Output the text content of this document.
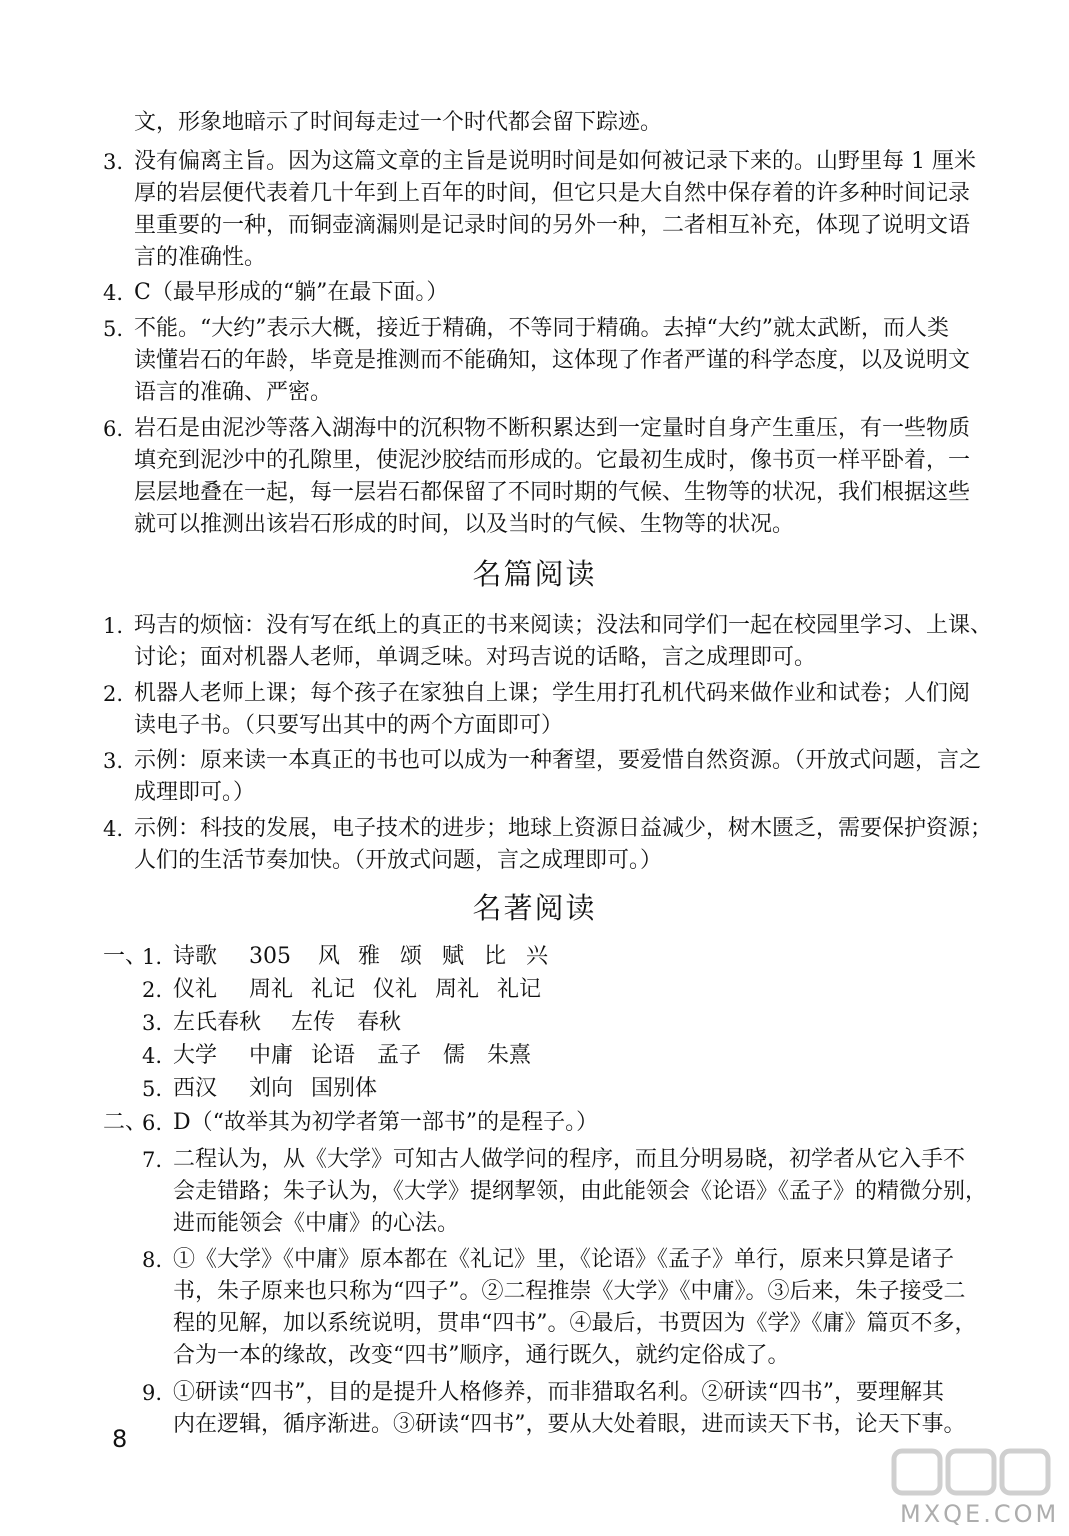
文，形象地暗示了时间每走过一个时代都会留下踪迹。
3. 没有偏离主旨。因为这篇文章的主旨是说明时间是如何被记录下来的。山野里每 1 厘米
厚的岩层便代表着几十年到上百年的时间，但它只是大自然中保存着的许多种时间记录
里重要的一种，而铜壶滴漏则是记录时间的另外一种，二者相互补充，体现了说明文语
言的准确性。
4. C（最早形成的“躺”在最下面。）
5. 不能。“大约”表示大概，接近于精确，不等同于精确。去掉“大约”就太武断，而人类
读懂岩石的年龄，毕竟是推测而不能确知，这体现了作者严谨的科学态度，以及说明文
语言的准确、严密。
6. 岩石是由泥沙等落入湖海中的沉积物不断积累达到一定量时自身产生重压，有一些物质
填充到泥沙中的孔隙里，使泥沙胶结而形成的。它最初生成时，像书页一样平卧着，一
层层地叠在一起，每一层岩石都保留了不同时期的气候、生物等的状况，我们根据这些
就可以推测出该岩石形成的时间，以及当时的气候、生物等的状况。
名篇阅读
1. 玛吉的烦恼：没有写在纸上的真正的书来阅读；没法和同学们一起在校园里学习、上课、
讨论；面对机器人老师，单调乏味。对玛吉说的话略，言之成理即可。
2. 机器人老师上课；每个孩子在家独自上课；学生用打孔机代码来做作业和试卷；人们阅
读电子书。（只要写出其中的两个方面即可）
3. 示例：原来读一本真正的书也可以成为一种奢望，要爱惜自然资源。（开放式问题，言之
成理即可。）
4. 示例：科技的发展，电子技术的进步；地球上资源日益减少，树木匮乏，需要保护资源；
人们的生活节奏加快。（开放式问题，言之成理即可。）
名著阅读
一、
1. 诗歌 305 风 雅 颂 赋 比 兴
2. 仪礼 周礼 礼记 仪礼 周礼 礼记
3. 左氏春秋 左传 春秋
4. 大学 中庸 论语 孟子 儒 朱熹
5. 西汉 刘向 国别体
二、
6. D（“故举其为初学者第一部书”的是程子。）
7. 二程认为，从《大学》可知古人做学问的程序，而且分明易晓，初学者从它入手不
会走错路；朱子认为，《大学》提纲挈领，由此能领会《论语》《孟子》的精微分别，
进而能领会《中庸》的心法。
8. ①《大学》《中庸》原本都在《礼记》里，《论语》《孟子》单行，原来只算是诸子
书，朱子原来也只称为“四子”。②二程推崇《大学》《中庸》。③后来，朱子接受二
程的见解，加以系统说明，贯串“四书”。④最后，书贾因为《学》《庸》篇页不多，
合为一本的缘故，改变“四书”顺序，通行既久，就约定俗成了。
9. ①研读“四书”，目的是提升人格修养，而非猎取名利。②研读“四书”，要理解其
内在逻辑，循序渐进。③研读“四书”，要从大处着眼，进而读天下书，论天下事。
8
MXQE.COM
